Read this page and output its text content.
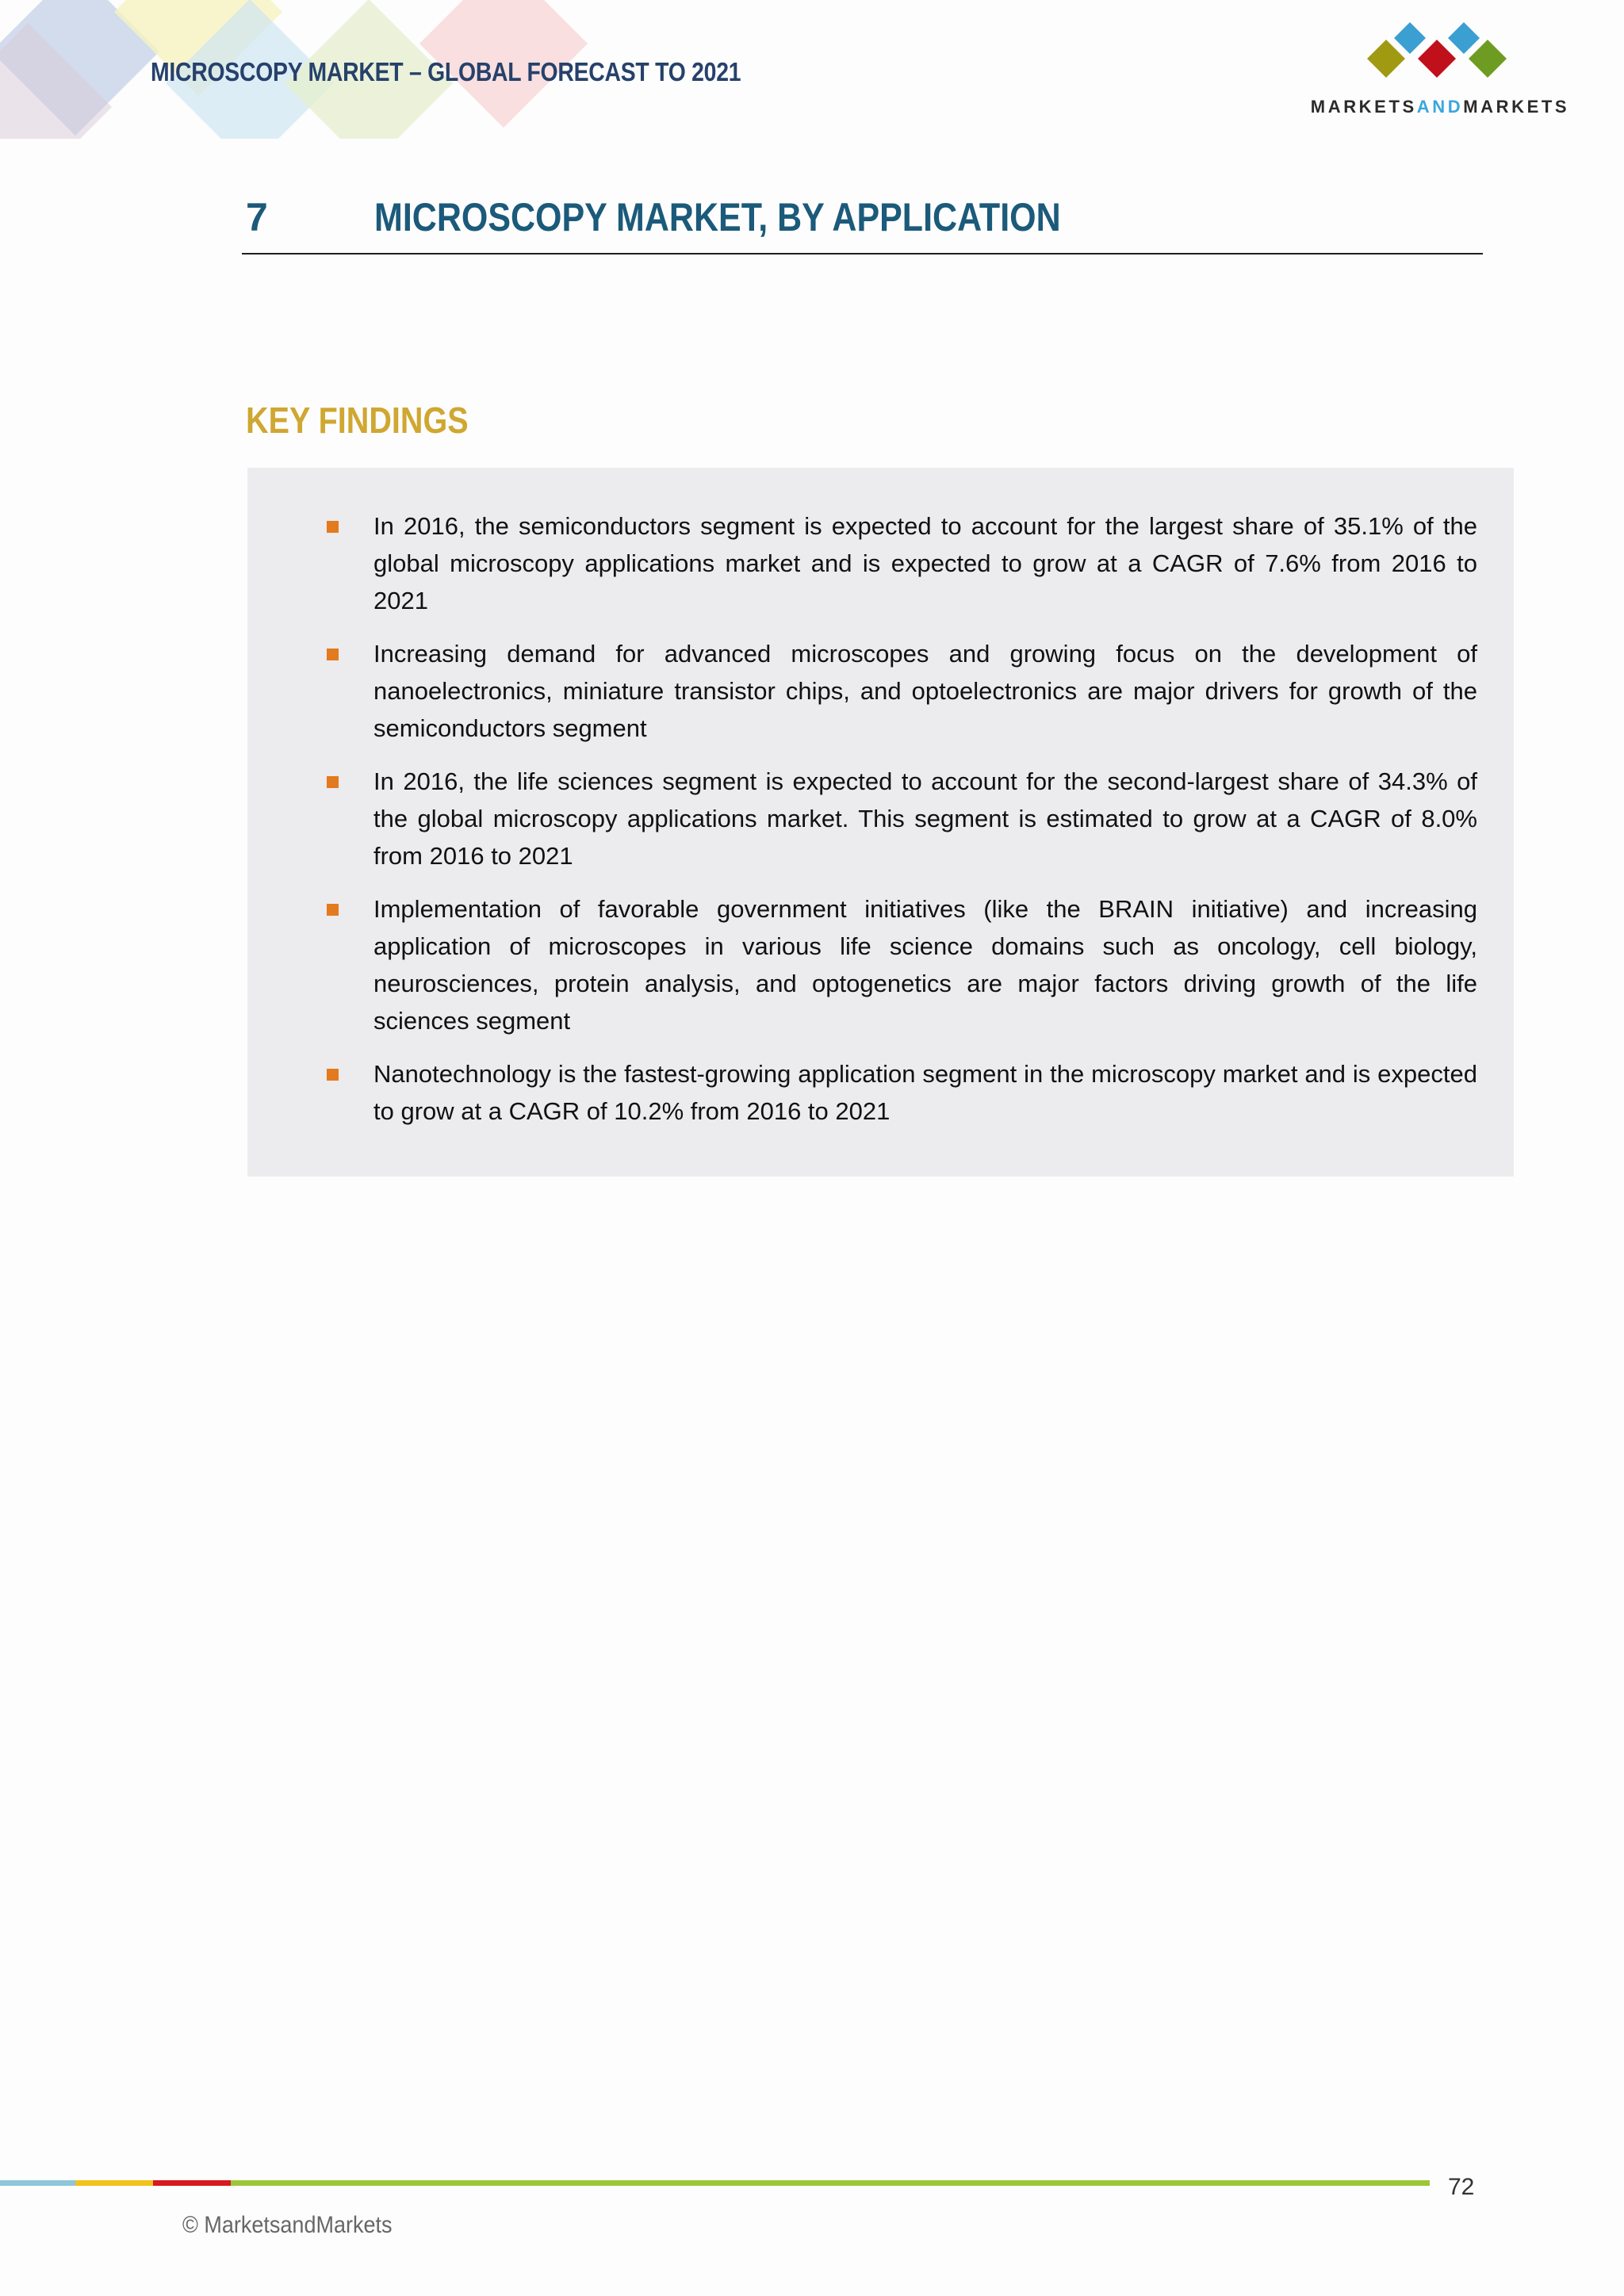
MICROSCOPY MARKET – GLOBAL FORECAST TO 2021
MARKETSANDMARKETS
7	MICROSCOPY MARKET, BY APPLICATION
KEY FINDINGS
In 2016, the semiconductors segment is expected to account for the largest share of 35.1% of the global microscopy applications market and is expected to grow at a CAGR of 7.6% from 2016 to 2021
Increasing demand for advanced microscopes and growing focus on the development of nanoelectronics, miniature transistor chips, and optoelectronics are major drivers for growth of the semiconductors segment
In 2016, the life sciences segment is expected to account for the second-largest share of 34.3% of the global microscopy applications market. This segment is estimated to grow at a CAGR of 8.0% from 2016 to 2021
Implementation of favorable government initiatives (like the BRAIN initiative) and increasing application of microscopes in various life science domains such as oncology, cell biology, neurosciences, protein analysis, and optogenetics are major factors driving growth of the life sciences segment
Nanotechnology is the fastest-growing application segment in the microscopy market and is expected to grow at a CAGR of 10.2% from 2016 to 2021
72
© MarketsandMarkets
